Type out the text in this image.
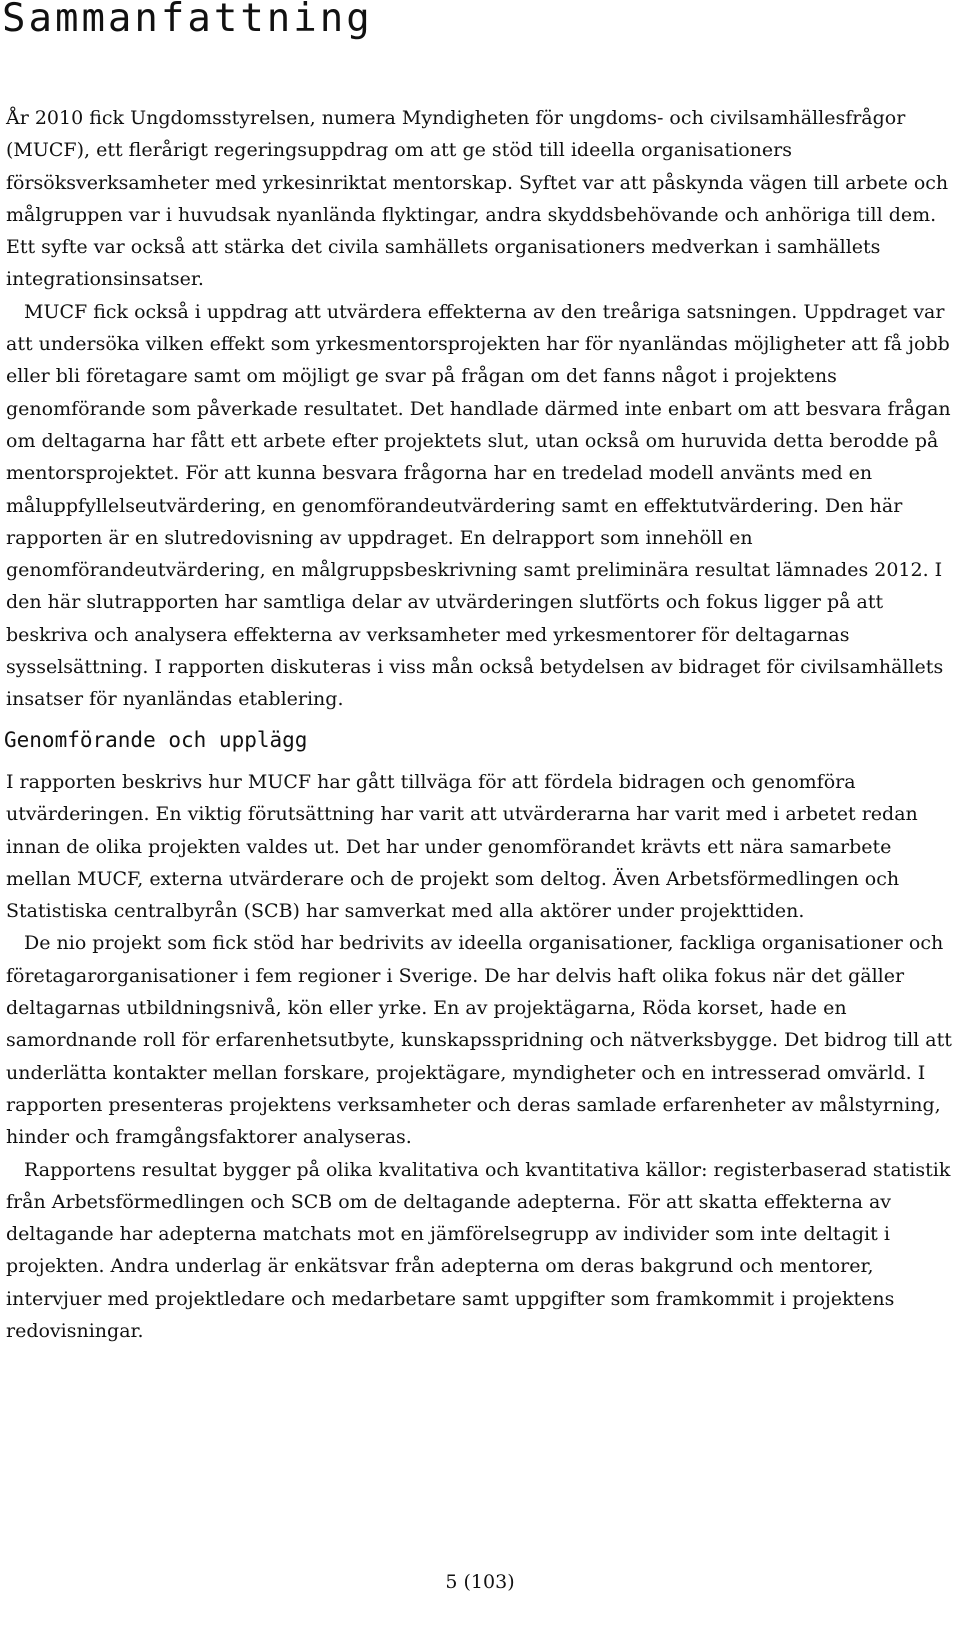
Sammanfattning

År 2010 fick Ungdomsstyrelsen, numera Myndigheten för ungdoms- och civilsamhällesfrågor (MUCF), ett flerårigt regeringsuppdrag om att ge stöd till ideella organisationers försöksverksamheter med yrkesinriktat mentorskap. Syftet var att påskynda vägen till arbete och målgruppen var i huvudsak nyanlända flyktingar, andra skyddsbehövande och anhöriga till dem. Ett syfte var också att stärka det civila samhällets organisationers medverkan i samhällets integrationsinsatser.

MUCF fick också i uppdrag att utvärdera effekterna av den treåriga satsningen. Uppdraget var att undersöka vilken effekt som yrkesmentorsprojekten har för nyanländas möjligheter att få jobb eller bli företagare samt om möjligt ge svar på frågan om det fanns något i projektens genomförande som påverkade resultatet. Det handlade därmed inte enbart om att besvara frågan om deltagarna har fått ett arbete efter projektets slut, utan också om huruvida detta berodde på mentorsprojektet. För att kunna besvara frågorna har en tredelad modell använts med en måluppfyllelseutvärdering, en genomförandeutvärdering samt en effektutvärdering. Den här rapporten är en slutredovisning av uppdraget. En delrapport som innehöll en genomförandeutvärdering, en målgruppsbeskrivning samt preliminära resultat lämnades 2012. I den här slutrapporten har samtliga delar av utvärderingen slutförts och fokus ligger på att beskriva och analysera effekterna av verksamheter med yrkesmentorer för deltagarnas sysselsättning. I rapporten diskuteras i viss mån också betydelsen av bidraget för civilsamhällets insatser för nyanländas etablering.

Genomförande och upplägg

I rapporten beskrivs hur MUCF har gått tillväga för att fördela bidragen och genomföra utvärderingen. En viktig förutsättning har varit att utvärderarna har varit med i arbetet redan innan de olika projekten valdes ut. Det har under genomförandet krävts ett nära samarbete mellan MUCF, externa utvärderare och de projekt som deltog. Även Arbetsförmedlingen och Statistiska centralbyrån (SCB) har samverkat med alla aktörer under projekttiden.

De nio projekt som fick stöd har bedrivits av ideella organisationer, fackliga organisationer och företagarorganisationer i fem regioner i Sverige. De har delvis haft olika fokus när det gäller deltagarnas utbildningsnivå, kön eller yrke. En av projektägarna, Röda korset, hade en samordnande roll för erfarenhetsutbyte, kunskapsspridning och nätverksbygge. Det bidrog till att underlätta kontakter mellan forskare, projektägare, myndigheter och en intresserad omvärld. I rapporten presenteras projektens verksamheter och deras samlade erfarenheter av målstyrning, hinder och framgångsfaktorer analyseras.

Rapportens resultat bygger på olika kvalitativa och kvantitativa källor: registerbaserad statistik från Arbetsförmedlingen och SCB om de deltagande adepterna. För att skatta effekterna av deltagande har adepterna matchats mot en jämförelsegrupp av individer som inte deltagit i projekten. Andra underlag är enkätsvar från adepterna om deras bakgrund och mentorer, intervjuer med projektledare och medarbetare samt uppgifter som framkommit i projektens redovisningar.

5 (103)
